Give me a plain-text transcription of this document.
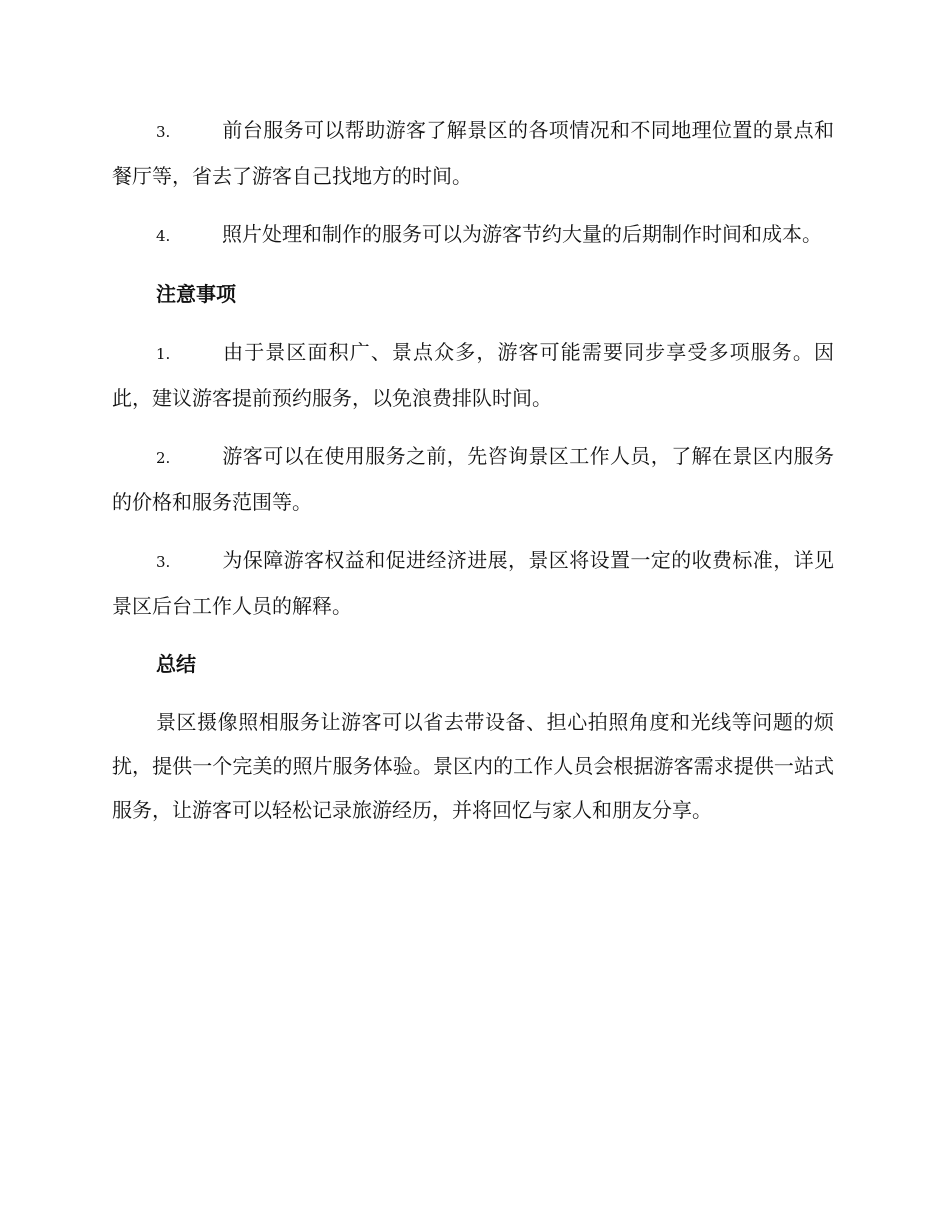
3.	前台服务可以帮助游客了解景区的各项情况和不同地理位置的景点和餐厅等，省去了游客自己找地方的时间。

4.	照片处理和制作的服务可以为游客节约大量的后期制作时间和成本。

注意事项

1.	由于景区面积广、景点众多，游客可能需要同步享受多项服务。因此，建议游客提前预约服务，以免浪费排队时间。

2.	游客可以在使用服务之前，先咨询景区工作人员，了解在景区内服务的价格和服务范围等。

3.	为保障游客权益和促进经济进展，景区将设置一定的收费标准，详见景区后台工作人员的解释。

总结

景区摄像照相服务让游客可以省去带设备、担心拍照角度和光线等问题的烦扰，提供一个完美的照片服务体验。景区内的工作人员会根据游客需求提供一站式服务，让游客可以轻松记录旅游经历，并将回忆与家人和朋友分享。
